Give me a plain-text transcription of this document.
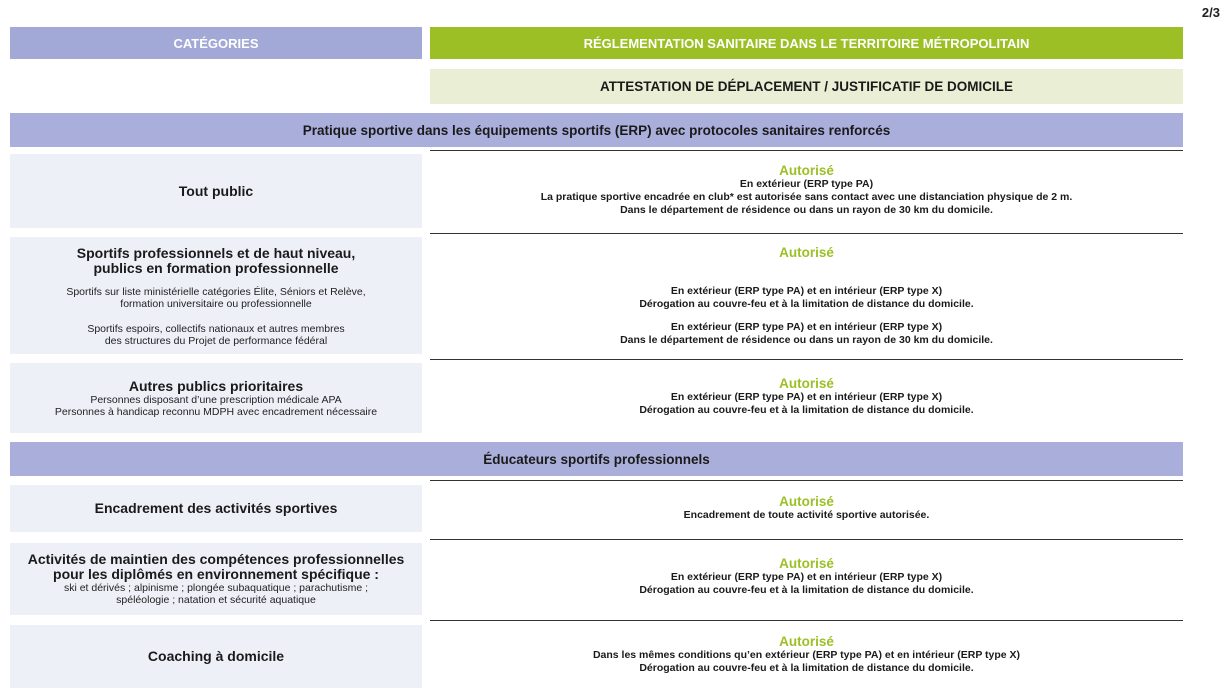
2/3
CATÉGORIES	RÉGLEMENTATION SANITAIRE DANS LE TERRITOIRE MÉTROPOLITAIN
ATTESTATION DE DÉPLACEMENT / JUSTIFICATIF DE DOMICILE
Pratique sportive dans les équipements sportifs (ERP) avec protocoles sanitaires renforcés
Tout public
Autorisé
En extérieur (ERP type PA)
La pratique sportive encadrée en club* est autorisée sans contact avec une distanciation physique de 2 m.
Dans le département de résidence ou dans un rayon de 30 km du domicile.
Sportifs professionnels et de haut niveau,
publics en formation professionnelle
Sportifs sur liste ministérielle catégories Élite, Séniors et Relève,
formation universitaire ou professionnelle
Sportifs espoirs, collectifs nationaux et autres membres
des structures du Projet de performance fédéral
Autorisé
En extérieur (ERP type PA) et en intérieur (ERP type X)
Dérogation au couvre-feu et à la limitation de distance du domicile.
En extérieur (ERP type PA) et en intérieur (ERP type X)
Dans le département de résidence ou dans un rayon de 30 km du domicile.
Autres publics prioritaires
Personnes disposant d’une prescription médicale APA
Personnes à handicap reconnu MDPH avec encadrement nécessaire
Autorisé
En extérieur (ERP type PA) et en intérieur (ERP type X)
Dérogation au couvre-feu et à la limitation de distance du domicile.
Éducateurs sportifs professionnels
Encadrement des activités sportives	Autorisé
Encadrement de toute activité sportive autorisée.
Activités de maintien des compétences professionnelles
pour les diplômés en environnement spécifique :
ski et dérivés ; alpinisme ; plongée subaquatique ; parachutisme ;
spéléologie ; natation et sécurité aquatique
Autorisé
En extérieur (ERP type PA) et en intérieur (ERP type X)
Dérogation au couvre-feu et à la limitation de distance du domicile.
Coaching à domicile
Autorisé
Dans les mêmes conditions qu’en extérieur (ERP type PA) et en intérieur (ERP type X)
Dérogation au couvre-feu et à la limitation de distance du domicile.
